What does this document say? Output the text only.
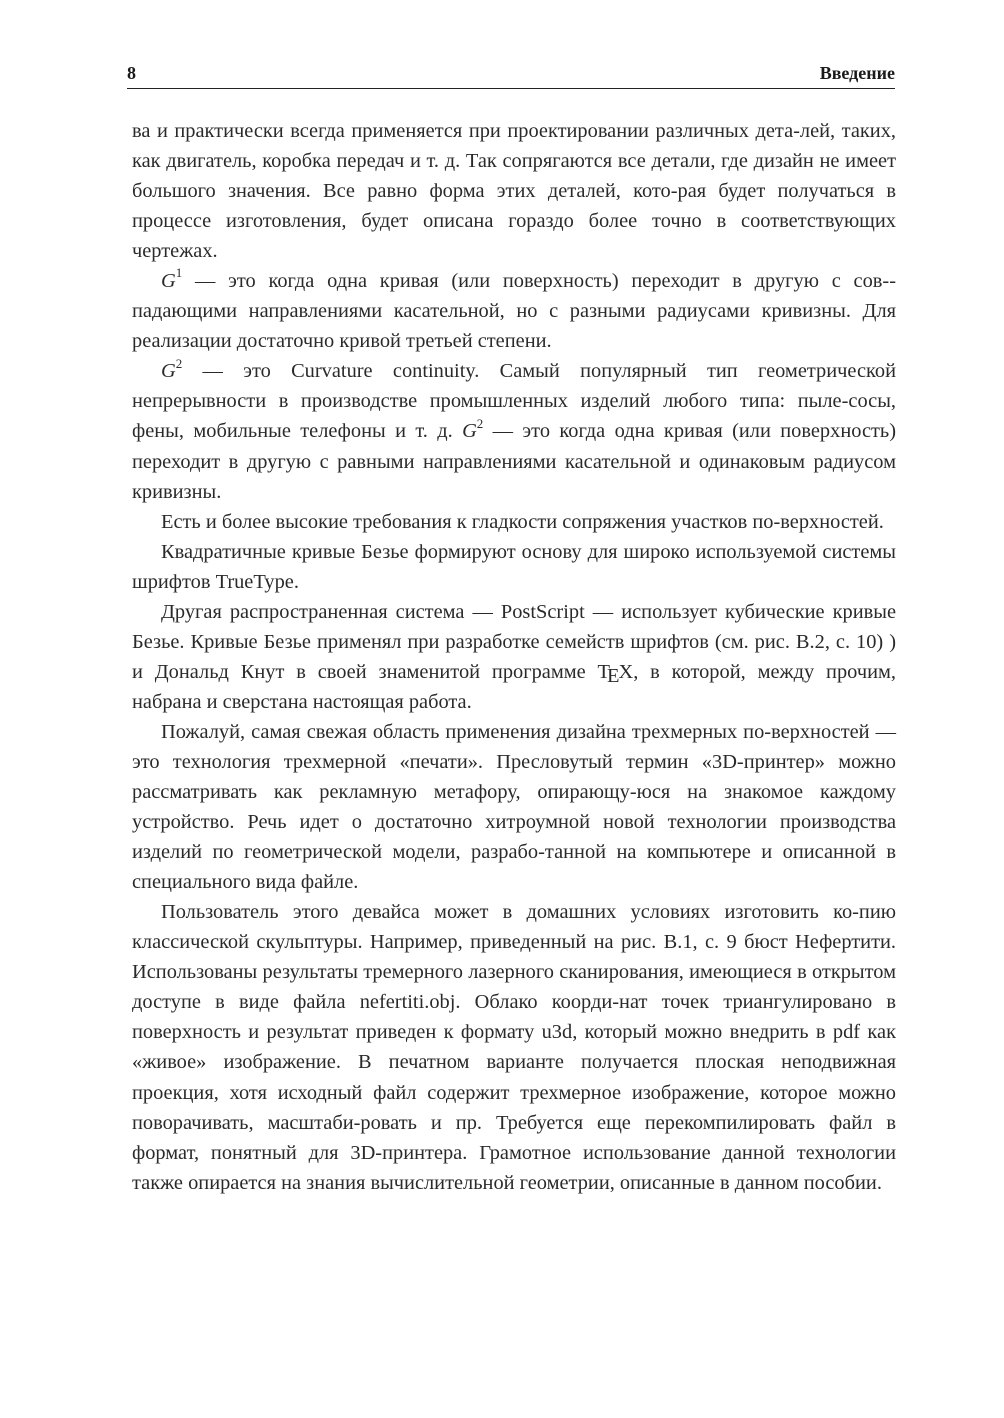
8	Введение

ва и практически всегда применяется при проектировании различных дета-лей, таких, как двигатель, коробка передач и т. д. Так сопрягаются все детали, где дизайн не имеет большого значения. Все равно форма этих деталей, кото-рая будет получаться в процессе изготовления, будет описана гораздо более точно в соответствующих чертежах.

$G^1$ — это когда одна кривая (или поверхность) переходит в другую с сов-падающими направлениями касательной, но с разными радиусами кривизны. Для реализации достаточно кривой третьей степени.

$G^2$ — это Curvature continuity. Самый популярный тип геометрической непрерывности в производстве промышленных изделий любого типа: пыле-сосы, фены, мобильные телефоны и т. д. $G^2$ — это когда одна кривая (или поверхность) переходит в другую с равными направлениями касательной и одинаковым радиусом кривизны.

Есть и более высокие требования к гладкости сопряжения участков по-верхностей.

Квадратичные кривые Безье формируют основу для широко используемой системы шрифтов TrueType.

Другая распространенная система — PostScript — использует кубические кривые Безье. Кривые Безье применял при разработке семейств шрифтов (см. рис. В.2, с. 10) ) и Дональд Кнут в своей знаменитой программе TEX, в которой, между прочим, набрана и сверстана настоящая работа.

Пожалуй, самая свежая область применения дизайна трехмерных по-верхностей — это технология трехмерной «печати». Пресловутый термин «3D-принтер» можно рассматривать как рекламную метафору, опирающу-юся на знакомое каждому устройство. Речь идет о достаточно хитроумной новой технологии производства изделий по геометрической модели, разрабо-танной на компьютере и описанной в специального вида файле.

Пользователь этого девайса может в домашних условиях изготовить ко-пию классической скульптуры. Например, приведенный на рис. В.1, с. 9 бюст Нефертити. Использованы результаты тремерного лазерного сканирования, имеющиеся в открытом доступе в виде файла nefertiti.obj. Облако коорди-нат точек триангулировано в поверхность и результат приведен к формату u3d, который можно внедрить в pdf как «живое» изображение. В печатном варианте получается плоская неподвижная проекция, хотя исходный файл содержит трехмерное изображение, которое можно поворачивать, масштаби-ровать и пр. Требуется еще перекомпилировать файл в формат, понятный для 3D-принтера. Грамотное использование данной технологии также опирается на знания вычислительной геометрии, описанные в данном пособии.
